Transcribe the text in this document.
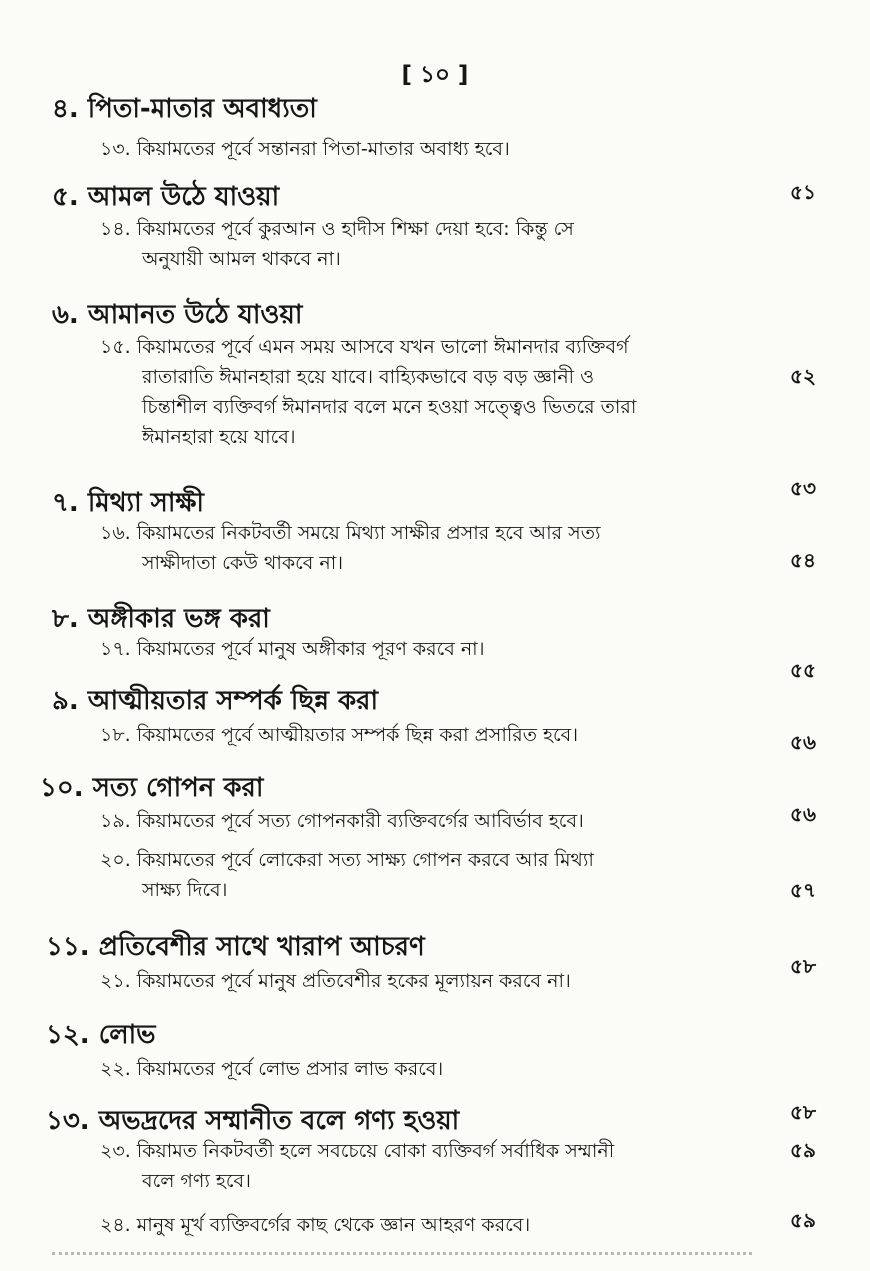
[ ১০ ]
৪. পিতা-মাতার অবাধ্যতা
১৩. কিয়ামতের পূর্বে সন্তানরা পিতা-মাতার অবাধ্য হবে।
৫. আমল উঠে যাওয়া
১৪. কিয়ামতের পূর্বে কুরআন ও হাদীস শিক্ষা দেয়া হবে: কিন্তু সে
অনুযায়ী আমল থাকবে না।
৬. আমানত উঠে যাওয়া
১৫. কিয়ামতের পূর্বে এমন সময় আসবে যখন ভালো ঈমানদার ব্যক্তিবর্গ
রাতারাতি ঈমানহারা হয়ে যাবে। বাহ্যিকভাবে বড় বড় জ্ঞানী ও
চিন্তাশীল ব্যক্তিবর্গ ঈমানদার বলে মনে হওয়া সত্ত্বেও ভিতরে তারা
ঈমানহারা হয়ে যাবে।
৭. মিথ্যা সাক্ষী
১৬. কিয়ামতের নিকটবর্তী সময়ে মিথ্যা সাক্ষীর প্রসার হবে আর সত্য
সাক্ষীদাতা কেউ থাকবে না।
৮. অঙ্গীকার ভঙ্গ করা
১৭. কিয়ামতের পূর্বে মানুষ অঙ্গীকার পূরণ করবে না।
৯. আত্মীয়তার সম্পর্ক ছিন্ন করা
১৮. কিয়ামতের পূর্বে আত্মীয়তার সম্পর্ক ছিন্ন করা প্রসারিত হবে।
১০. সত্য গোপন করা
১৯. কিয়ামতের পূর্বে সত্য গোপনকারী ব্যক্তিবর্গের আবির্ভাব হবে।
২০. কিয়ামতের পূর্বে লোকেরা সত্য সাক্ষ্য গোপন করবে আর মিথ্যা
সাক্ষ্য দিবে।
১১. প্রতিবেশীর সাথে খারাপ আচরণ
২১. কিয়ামতের পূর্বে মানুষ প্রতিবেশীর হকের মূল্যায়ন করবে না।
১২. লোভ
২২. কিয়ামতের পূর্বে লোভ প্রসার লাভ করবে।
১৩. অভদ্রদের সম্মানীত বলে গণ্য হওয়া
২৩. কিয়ামত নিকটবর্তী হলে সবচেয়ে বোকা ব্যক্তিবর্গ সর্বাধিক সম্মানী
বলে গণ্য হবে।
২৪. মানুষ মূর্খ ব্যক্তিবর্গের কাছ থেকে জ্ঞান আহরণ করবে।
৫১
৫২
৫৩
৫৪
৫৫
৫৬
৫৬
৫৭
৫৮
৫৮
৫৯
৫৯
